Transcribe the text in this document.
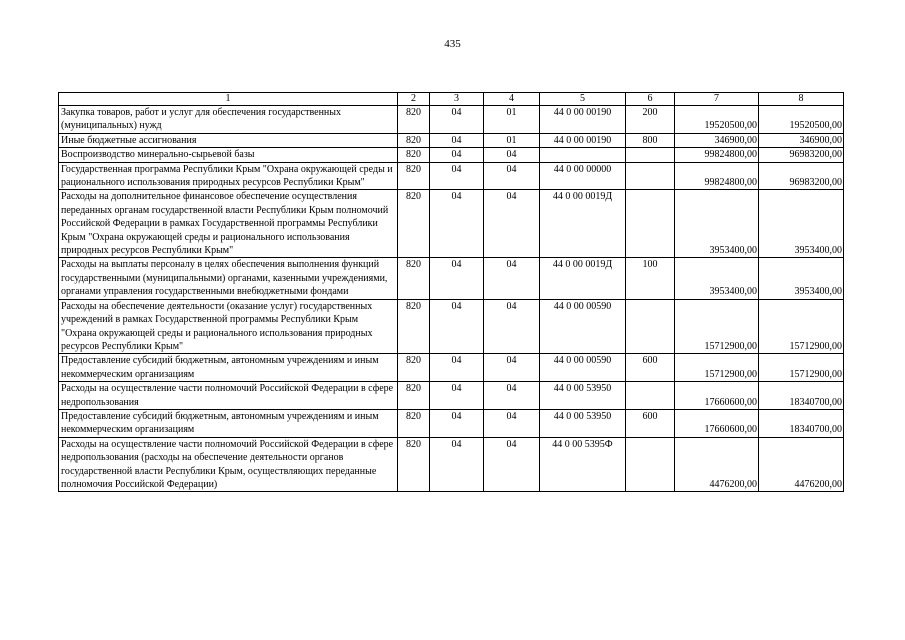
435
1	2	3	4	5	6	7	8
Закупка товаров, работ и услуг для обеспечения государственных (муниципальных) нужд	820	04	01	44 0 00 00190	200	19520500,00	19520500,00
Иные бюджетные ассигнования	820	04	01	44 0 00 00190	800	346900,00	346900,00
Воспроизводство минерально-сырьевой базы	820	04	04			99824800,00	96983200,00
Государственная программа Республики Крым "Охрана окружающей среды и рационального использования природных ресурсов Республики Крым"	820	04	04	44 0 00 00000		99824800,00	96983200,00
Расходы на дополнительное финансовое обеспечение осуществления переданных органам государственной власти Республики Крым полномочий Российской Федерации в рамках Государственной программы Республики Крым "Охрана окружающей среды и рационального использования природных ресурсов Республики Крым"	820	04	04	44 0 00 0019Д		3953400,00	3953400,00
Расходы на выплаты персоналу в целях обеспечения выполнения функций государственными (муниципальными) органами, казенными учреждениями, органами управления государственными внебюджетными фондами	820	04	04	44 0 00 0019Д	100	3953400,00	3953400,00
Расходы на обеспечение деятельности (оказание услуг) государственных учреждений в рамках Государственной программы Республики Крым "Охрана окружающей среды и рационального использования природных ресурсов Республики Крым"	820	04	04	44 0 00 00590		15712900,00	15712900,00
Предоставление субсидий бюджетным, автономным учреждениям и иным некоммерческим организациям	820	04	04	44 0 00 00590	600	15712900,00	15712900,00
Расходы на осуществление части полномочий Российской Федерации в сфере недропользования	820	04	04	44 0 00 53950		17660600,00	18340700,00
Предоставление субсидий бюджетным, автономным учреждениям и иным некоммерческим организациям	820	04	04	44 0 00 53950	600	17660600,00	18340700,00
Расходы на осуществление части полномочий Российской Федерации в сфере недропользования (расходы на обеспечение деятельности органов государственной власти Республики Крым, осуществляющих переданные полномочия Российской Федерации)	820	04	04	44 0 00 5395Ф		4476200,00	4476200,00
